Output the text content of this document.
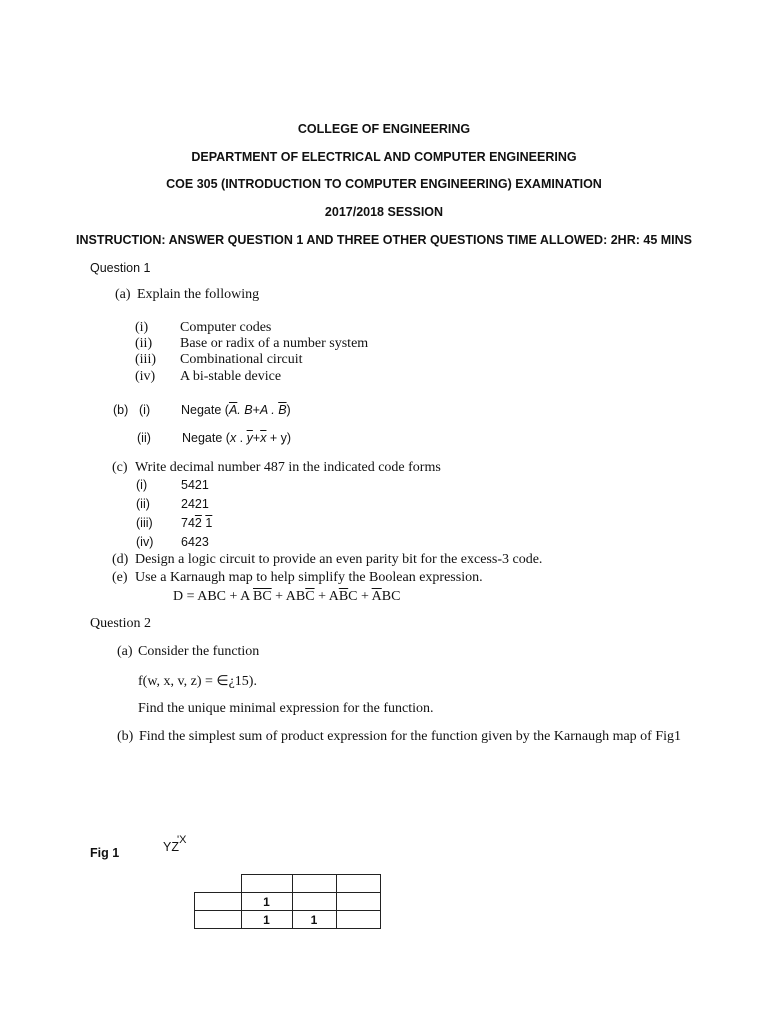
COLLEGE OF ENGINEERING
DEPARTMENT OF ELECTRICAL AND COMPUTER ENGINEERING
COE 305 (INTRODUCTION TO COMPUTER ENGINEERING) EXAMINATION
2017/2018 SESSION
INSTRUCTION: ANSWER QUESTION 1 AND THREE OTHER QUESTIONS TIME ALLOWED: 2HR: 45 MINS
Question 1
(a) Explain the following
(i) Computer codes
(ii) Base or radix of a number system
(iii) Combinational circuit
(iv) A bi-stable device
(b) (i) Negate ($\overline{A}$. B+A . $\overline{B}$)
(ii) Negate (x . $\overline{y}+\overline{x} + y$)
(c) Write decimal number 487 in the indicated code forms
(i)	5421
(ii) 2421
(iii) 742 1
(iv) 6423
(d) Design a logic circuit to provide an even parity bit for the excess-3 code.
(e) Use a Karnaugh map to help simplify the Boolean expression.
D = ABC + A $\overline{BC} + AB\overline{C} + A\overline{B}C + \overline{A}BC$
Question 2
(a) Consider the function
f(w, x, v, z) = ∈¿15).
Find the unique minimal expression for the function.
(b) Find the simplest sum of product expression for the function given by the Karnaugh map of Fig1
Fig 1	YZ
'X

	1		
	1	1	
